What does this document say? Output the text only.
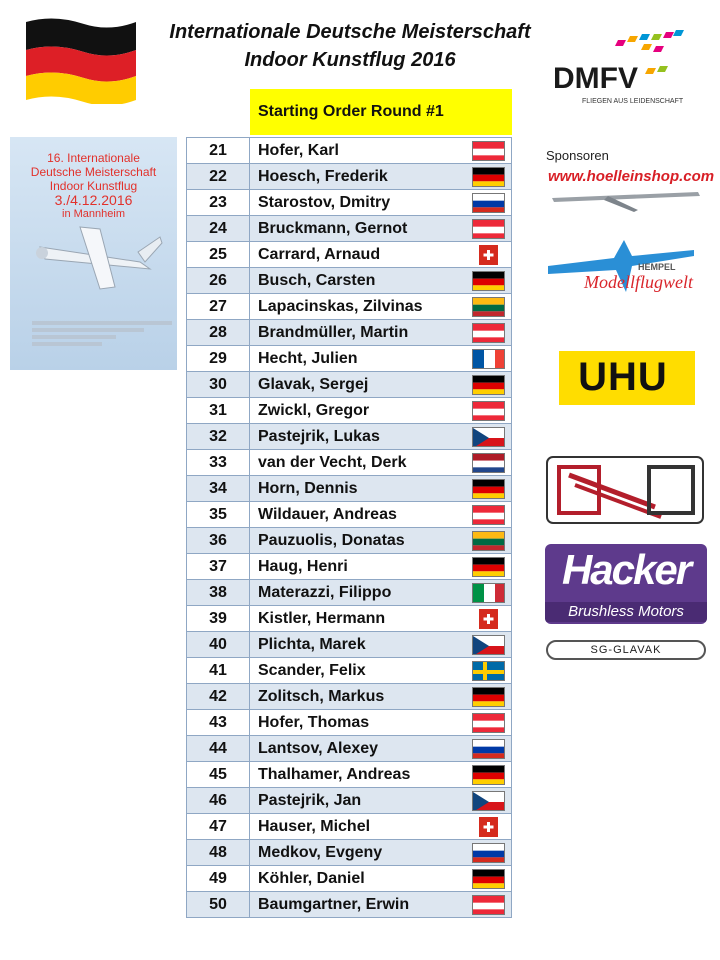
Internationale Deutsche Meisterschaft
Indoor Kunstflug 2016
DMFV
FLIEGEN AUS LEIDENSCHAFT
Starting Order Round #1
16. Internationale
Deutsche Meisterschaft
Indoor Kunstflug
3./4.12.2016
in Mannheim
21	Hofer, Karl

22	Hoesch, Frederik

23	Starostov, Dmitry

24	Bruckmann, Gernot

25	Carrard, Arnaud

26	Busch, Carsten

27	Lapacinskas, Zilvinas

28	Brandmüller, Martin

29	Hecht, Julien

30	Glavak, Sergej

31	Zwickl, Gregor

32	Pastejrik, Lukas

33	van der Vecht, Derk

34	Horn, Dennis

35	Wildauer, Andreas

36	Pauzuolis, Donatas

37	Haug, Henri

38	Materazzi, Filippo

39	Kistler, Hermann

40	Plichta, Marek

41	Scander, Felix

42	Zolitsch, Markus

43	Hofer, Thomas

44	Lantsov, Alexey

45	Thalhamer, Andreas

46	Pastejrik, Jan

47	Hauser, Michel

48	Medkov, Evgeny

49	Köhler, Daniel

50	Baumgartner, Erwin
Sponsoren
www.hoelleinshop.com
HEMPEL
Modellflugwelt
UHU
Hacker
Brushless Motors
SG-GLAVAK
